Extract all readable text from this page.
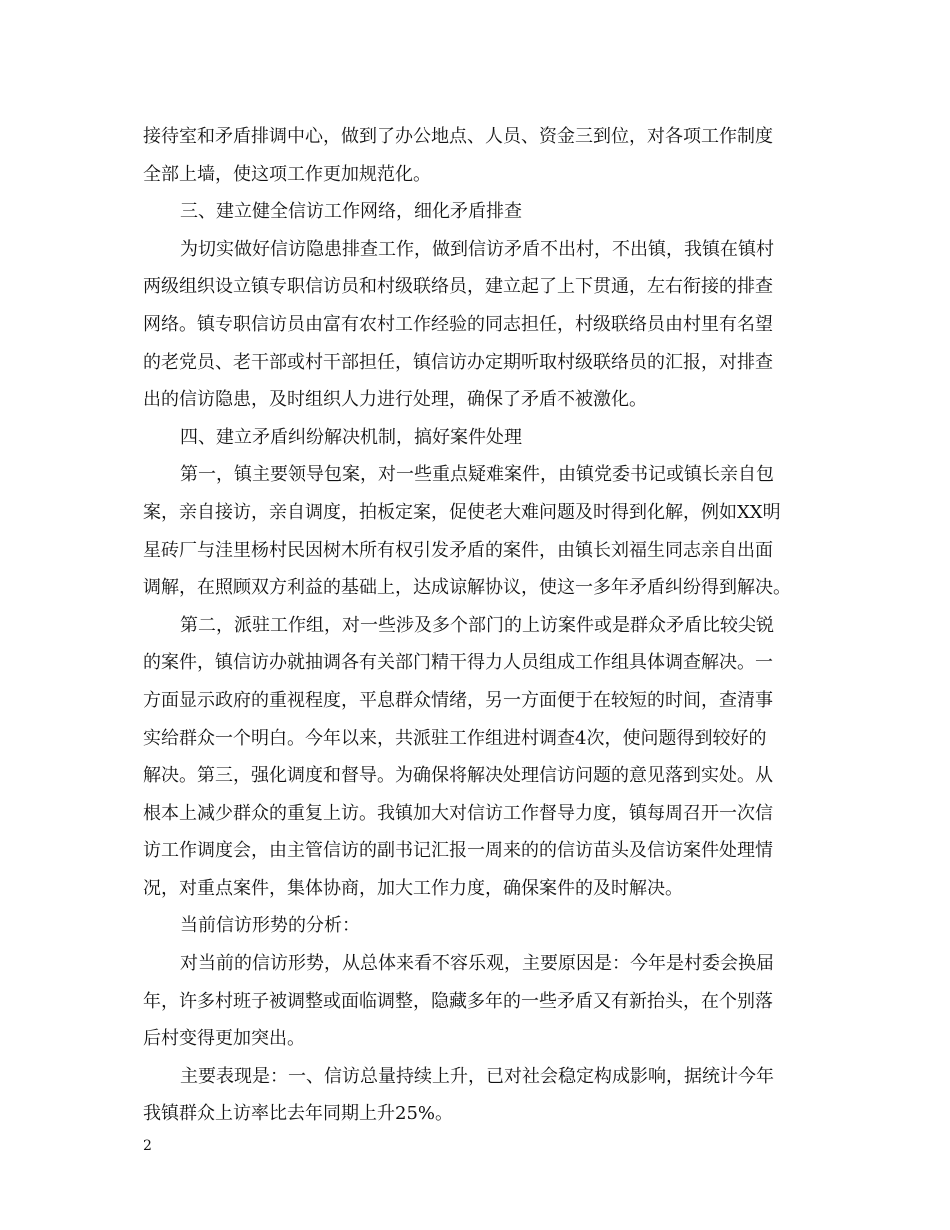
接待室和矛盾排调中心，做到了办公地点、人员、资金三到位，对各项工作制度
全部上墙，使这项工作更加规范化。
三、建立健全信访工作网络，细化矛盾排查
为切实做好信访隐患排查工作，做到信访矛盾不出村，不出镇，我镇在镇村
两级组织设立镇专职信访员和村级联络员，建立起了上下贯通，左右衔接的排查
网络。镇专职信访员由富有农村工作经验的同志担任，村级联络员由村里有名望
的老党员、老干部或村干部担任，镇信访办定期听取村级联络员的汇报，对排查
出的信访隐患，及时组织人力进行处理，确保了矛盾不被激化。
四、建立矛盾纠纷解决机制，搞好案件处理
第一，镇主要领导包案，对一些重点疑难案件，由镇党委书记或镇长亲自包
案，亲自接访，亲自调度，拍板定案，促使老大难问题及时得到化解，例如XX明
星砖厂与洼里杨村民因树木所有权引发矛盾的案件，由镇长刘福生同志亲自出面
调解，在照顾双方利益的基础上，达成谅解协议，使这一多年矛盾纠纷得到解决。
第二，派驻工作组，对一些涉及多个部门的上访案件或是群众矛盾比较尖锐
的案件，镇信访办就抽调各有关部门精干得力人员组成工作组具体调查解决。一
方面显示政府的重视程度，平息群众情绪，另一方面便于在较短的时间，查清事
实给群众一个明白。今年以来，共派驻工作组进村调查4次，使问题得到较好的
解决。第三，强化调度和督导。为确保将解决处理信访问题的意见落到实处。从
根本上减少群众的重复上访。我镇加大对信访工作督导力度，镇每周召开一次信
访工作调度会，由主管信访的副书记汇报一周来的的信访苗头及信访案件处理情
况，对重点案件，集体协商，加大工作力度，确保案件的及时解决。
当前信访形势的分析：
对当前的信访形势，从总体来看不容乐观，主要原因是：今年是村委会换届
年，许多村班子被调整或面临调整，隐藏多年的一些矛盾又有新抬头，在个别落
后村变得更加突出。
主要表现是：一、信访总量持续上升，已对社会稳定构成影响，据统计今年
我镇群众上访率比去年同期上升25%。
2
